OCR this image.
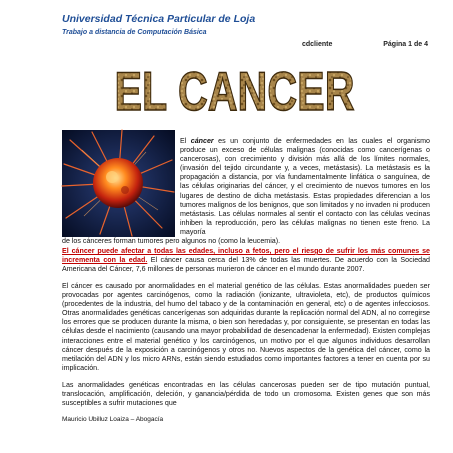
Universidad Técnica Particular de Loja
Trabajo a distancia de Computación Básica
cdcliente	Página 1 de 4
EL CANCER

El cáncer es un conjunto de enfermedades en las cuales el organismo produce un exceso de células malignas (conocidas como cancerígenas o cancerosas), con crecimiento y división más allá de los límites normales, (invasión del tejido circundante y, a veces, metástasis). La metástasis es la propagación a distancia, por vía fundamentalmente linfática o sanguínea, de las células originarias del cáncer, y el crecimiento de nuevos tumores en los lugares de destino de dicha metástasis. Estas propiedades diferencian a los tumores malignos de los benignos, que son limitados y no invaden ni producen metástasis. Las células normales al sentir el contacto con las células vecinas inhiben la reproducción, pero las células malignas no tienen este freno. La mayoría

de los cánceres forman tumores pero algunos no (como la leucemia).

El cáncer puede afectar a todas las edades, incluso a fetos, pero el riesgo de sufrir los más comunes se incrementa con la edad. El cáncer causa cerca del 13% de todas las muertes. De acuerdo con la Sociedad Americana del Cáncer, 7,6 millones de personas murieron de cáncer en el mundo durante 2007.

El cáncer es causado por anormalidades en el material genético de las células. Estas anormalidades pueden ser provocadas por agentes carcinógenos, como la radiación (ionizante, ultravioleta, etc), de productos químicos (procedentes de la industria, del humo del tabaco y de la contaminación en general, etc) o de agentes infecciosos. Otras anormalidades genéticas cancerígenas son adquiridas durante la replicación normal del ADN, al no corregirse los errores que se producen durante la misma, o bien son heredadas y, por consiguiente, se presentan en todas las células desde el nacimiento (causando una mayor probabilidad de desencadenar la enfermedad). Existen complejas interacciones entre el material genético y los carcinógenos, un motivo por el que algunos individuos desarrollan cáncer después de la exposición a carcinógenos y otros no. Nuevos aspectos de la genética del cáncer, como la metilación del ADN y los micro ARNs, están siendo estudiados como importantes factores a tener en cuenta por su implicación.

Las anormalidades genéticas encontradas en las células cancerosas pueden ser de tipo mutación puntual, translocación, amplificación, deleción, y ganancia/pérdida de todo un cromosoma. Existen genes que son más susceptibles a sufrir mutaciones que

Mauricio Ubilluz Loaiza – Abogacía
